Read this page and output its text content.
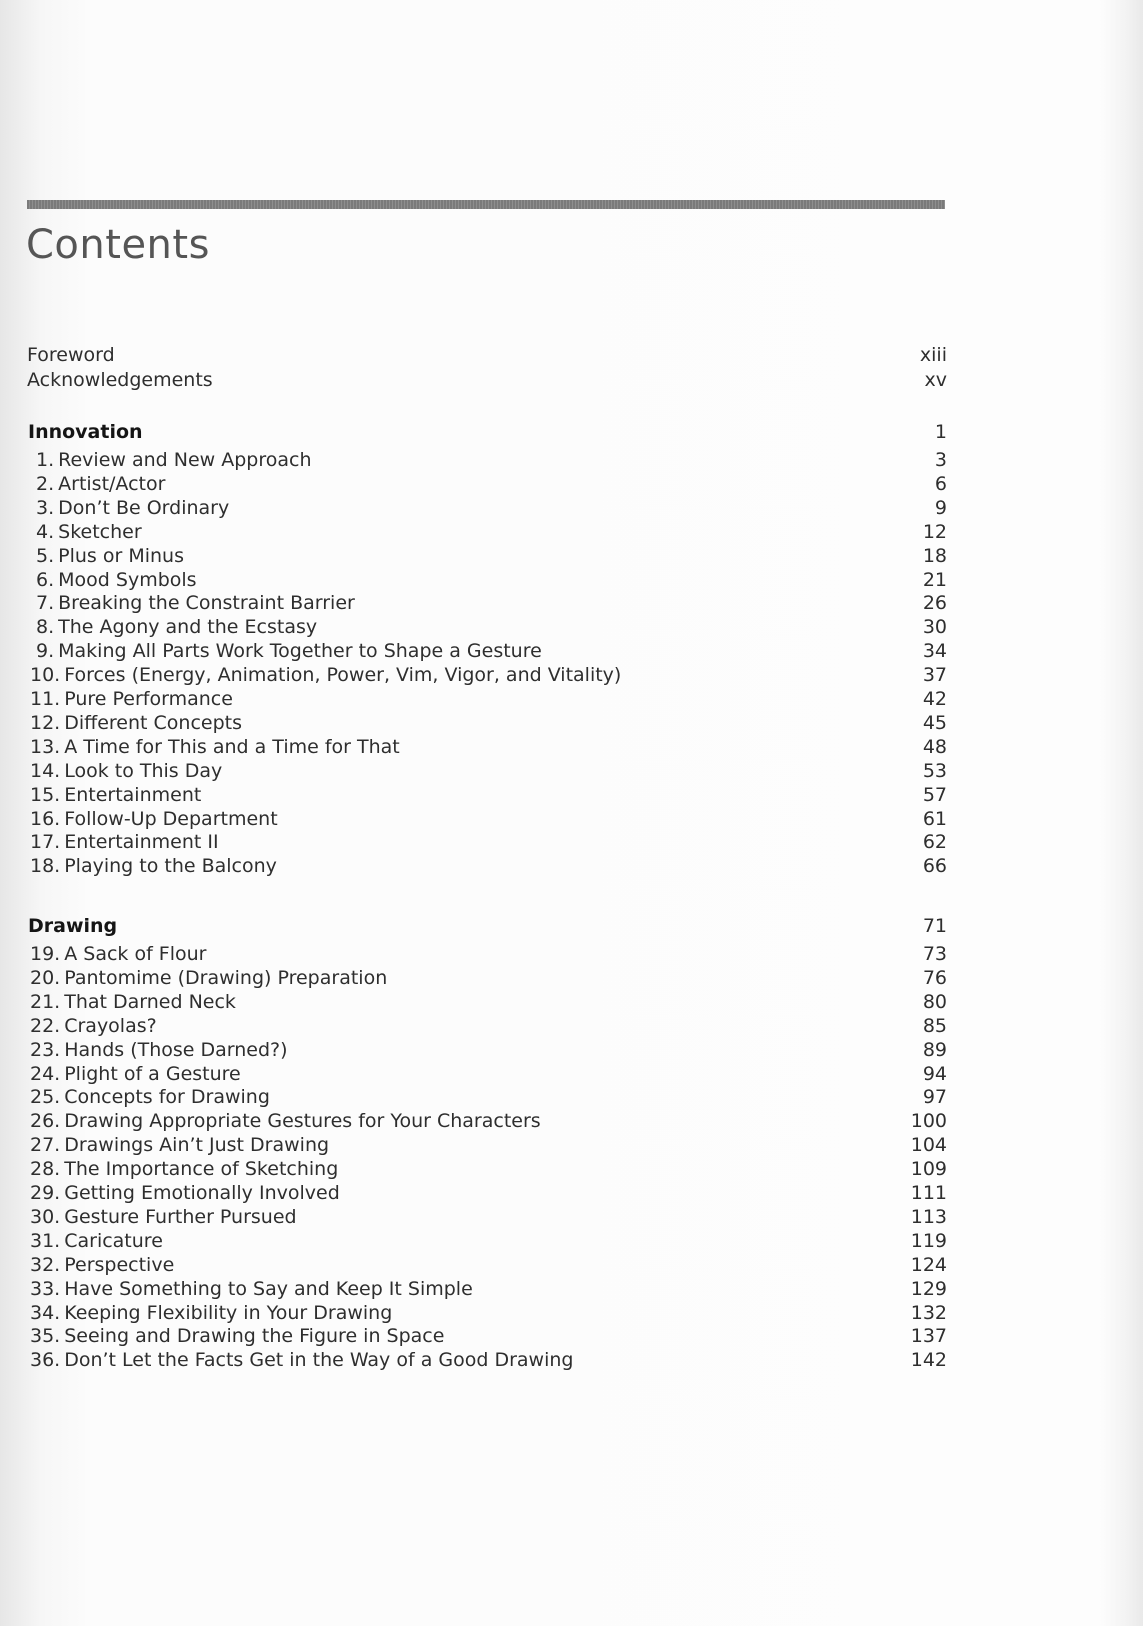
Contents
Foreword	xiii
Acknowledgements	xv
Innovation	1
1. Review and New Approach	3
2. Artist/Actor	6
3. Don’t Be Ordinary	9
4. Sketcher	12
5. Plus or Minus	18
6. Mood Symbols	21
7. Breaking the Constraint Barrier	26
8. The Agony and the Ecstasy	30
9. Making All Parts Work Together to Shape a Gesture	34
10. Forces (Energy, Animation, Power, Vim, Vigor, and Vitality)	37
11. Pure Performance	42
12. Different Concepts	45
13. A Time for This and a Time for That	48
14. Look to This Day	53
15. Entertainment	57
16. Follow-Up Department	61
17. Entertainment II	62
18. Playing to the Balcony	66
Drawing	71
19. A Sack of Flour	73
20. Pantomime (Drawing) Preparation	76
21. That Darned Neck	80
22. Crayolas?	85
23. Hands (Those Darned?)	89
24. Plight of a Gesture	94
25. Concepts for Drawing	97
26. Drawing Appropriate Gestures for Your Characters	100
27. Drawings Ain’t Just Drawing	104
28. The Importance of Sketching	109
29. Getting Emotionally Involved	111
30. Gesture Further Pursued	113
31. Caricature	119
32. Perspective	124
33. Have Something to Say and Keep It Simple	129
34. Keeping Flexibility in Your Drawing	132
35. Seeing and Drawing the Figure in Space	137
36. Don’t Let the Facts Get in the Way of a Good Drawing	142
